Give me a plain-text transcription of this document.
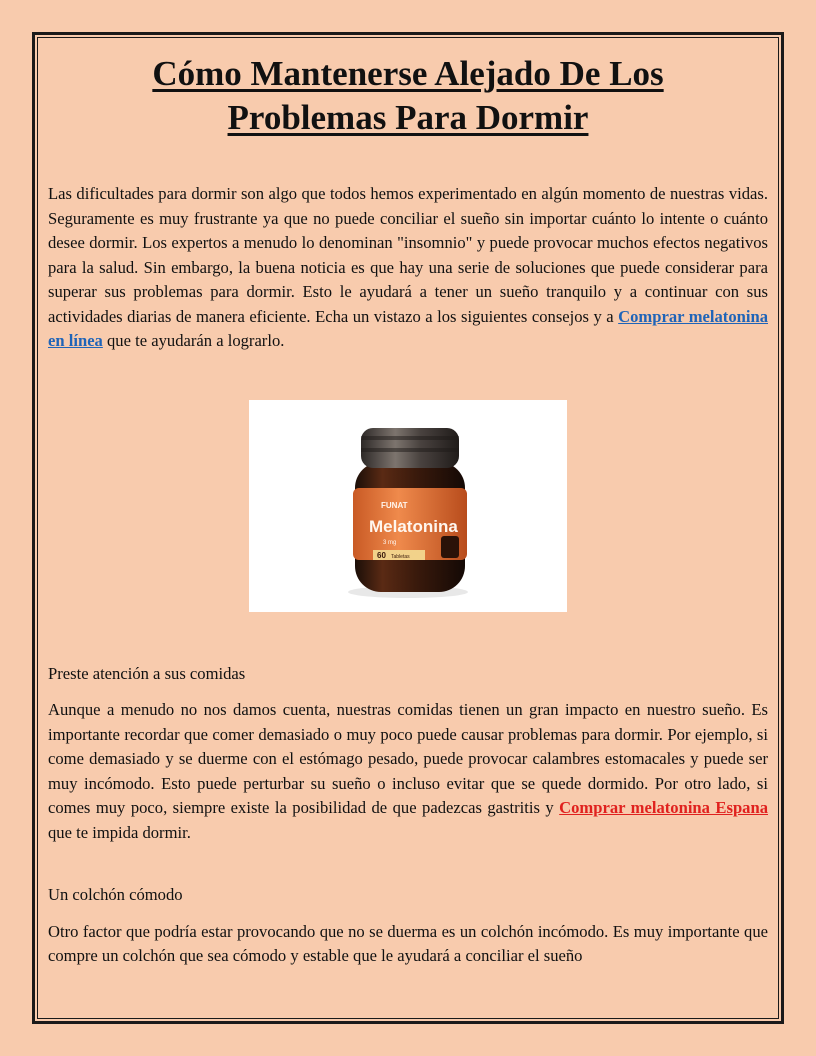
Cómo Mantenerse Alejado De Los
Problemas Para Dormir

Las dificultades para dormir son algo que todos hemos experimentado en algún momento de nuestras vidas. Seguramente es muy frustrante ya que no puede conciliar el sueño sin importar cuánto lo intente o cuánto desee dormir. Los expertos a menudo lo denominan "insomnio" y puede provocar muchos efectos negativos para la salud. Sin embargo, la buena noticia es que hay una serie de soluciones que puede considerar para superar sus problemas para dormir. Esto le ayudará a tener un sueño tranquilo y a continuar con sus actividades diarias de manera eficiente. Echa un vistazo a los siguientes consejos y a Comprar melatonina en línea que te ayudarán a lograrlo.

FUNAT
Melatonina
3 mg
60 Tabletas

Preste atención a sus comidas

Aunque a menudo no nos damos cuenta, nuestras comidas tienen un gran impacto en nuestro sueño. Es importante recordar que comer demasiado o muy poco puede causar problemas para dormir. Por ejemplo, si come demasiado y se duerme con el estómago pesado, puede provocar calambres estomacales y puede ser muy incómodo. Esto puede perturbar su sueño o incluso evitar que se quede dormido. Por otro lado, si comes muy poco, siempre existe la posibilidad de que padezcas gastritis y Comprar melatonina Espana que te impida dormir.

Un colchón cómodo

Otro factor que podría estar provocando que no se duerma es un colchón incómodo. Es muy importante que compre un colchón que sea cómodo y estable que le ayudará a conciliar el sueño
